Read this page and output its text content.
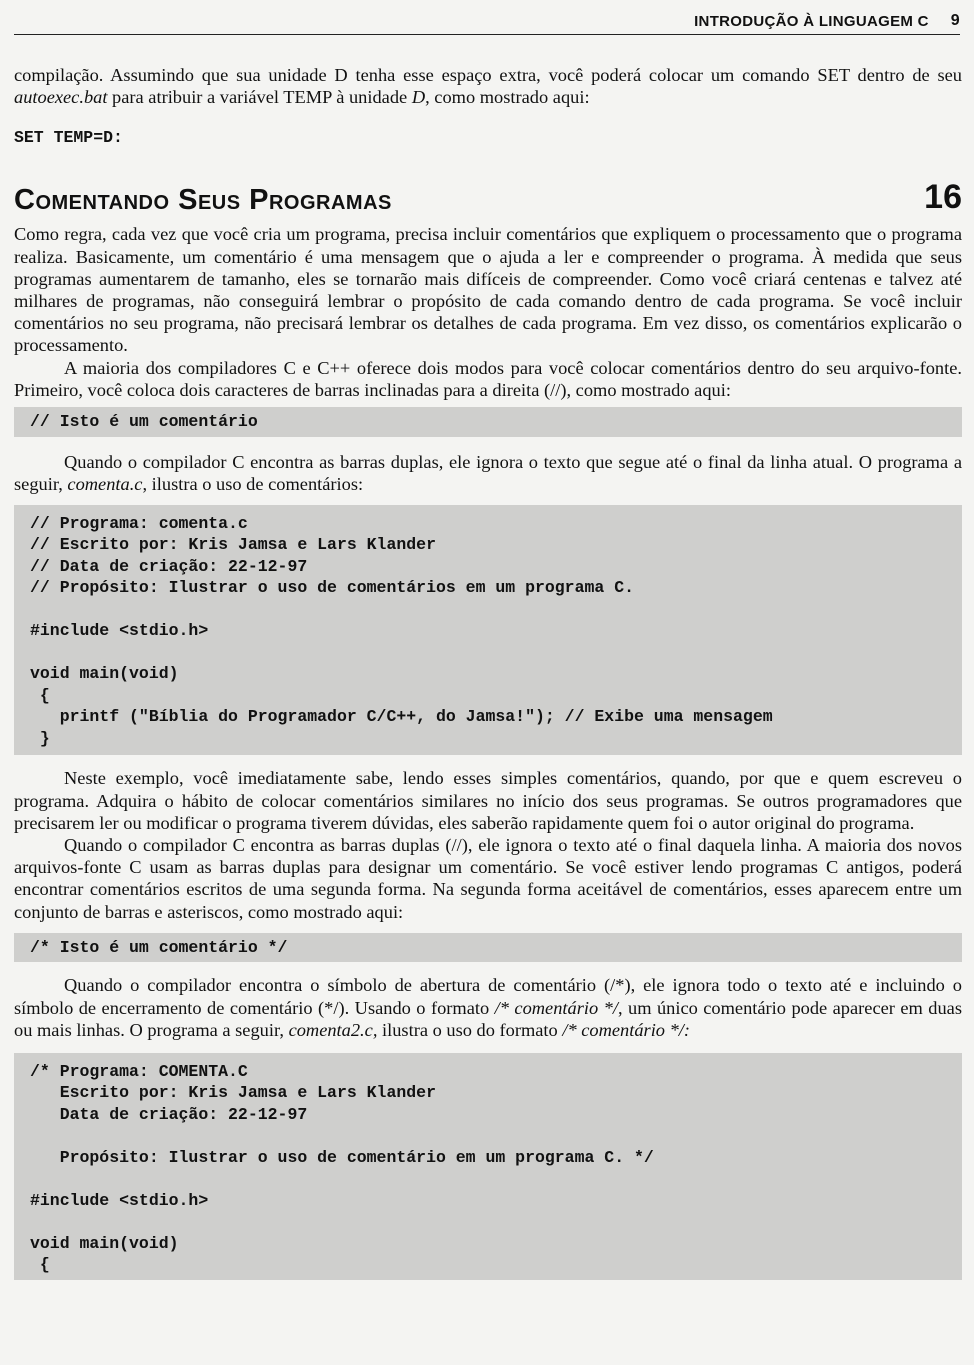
INTRODUÇÃO À LINGUAGEM C 9

compilação. Assumindo que sua unidade D tenha esse espaço extra, você poderá colocar um comando SET dentro de seu autoexec.bat para atribuir a variável TEMP à unidade D, como mostrado aqui:

SET TEMP=D:
Comentando Seus Programas	16

Como regra, cada vez que você cria um programa, precisa incluir comentários que expliquem o processamento que o programa realiza. Basicamente, um comentário é uma mensagem que o ajuda a ler e compreender o programa. À medida que seus programas aumentarem de tamanho, eles se tornarão mais difíceis de compreender. Como você criará centenas e talvez até milhares de programas, não conseguirá lembrar o propósito de cada comando dentro de cada programa. Se você incluir comentários no seu programa, não precisará lembrar os detalhes de cada programa. Em vez disso, os comentários explicarão o processamento.

A maioria dos compiladores C e C++ oferece dois modos para você colocar comentários dentro do seu arquivo-fonte. Primeiro, você coloca dois caracteres de barras inclinadas para a direita (//), como mostrado aqui:

// Isto é um comentário

Quando o compilador C encontra as barras duplas, ele ignora o texto que segue até o final da linha atual. O programa a seguir, comenta.c, ilustra o uso de comentários:

// Programa: comenta.c
// Escrito por: Kris Jamsa e Lars Klander
// Data de criação: 22-12-97
// Propósito: Ilustrar o uso de comentários em um programa C.
#include <stdio.h>
void main(void)
{
printf ("Bíblia do Programador C/C++, do Jamsa!"); // Exibe uma mensagem
}

Neste exemplo, você imediatamente sabe, lendo esses simples comentários, quando, por que e quem escreveu o programa. Adquira o hábito de colocar comentários similares no início dos seus programas. Se outros programadores que precisarem ler ou modificar o programa tiverem dúvidas, eles saberão rapidamente quem foi o autor original do programa.

Quando o compilador C encontra as barras duplas (//), ele ignora o texto até o final daquela linha. A maioria dos novos arquivos-fonte C usam as barras duplas para designar um comentário. Se você estiver lendo programas C antigos, poderá encontrar comentários escritos de uma segunda forma. Na segunda forma aceitável de comentários, esses aparecem entre um conjunto de barras e asteriscos, como mostrado aqui:

/* Isto é um comentário */

Quando o compilador encontra o símbolo de abertura de comentário (/*), ele ignora todo o texto até e incluindo o símbolo de encerramento de comentário (*/). Usando o formato /* comentário */, um único comentário pode aparecer em duas ou mais linhas. O programa a seguir, comenta2.c, ilustra o uso do formato /* comentário */:

/* Programa: COMENTA.C
Escrito por: Kris Jamsa e Lars Klander
Data de criação: 22-12-97
Propósito: Ilustrar o uso de comentário em um programa C. */
#include <stdio.h>
void main(void)
{
